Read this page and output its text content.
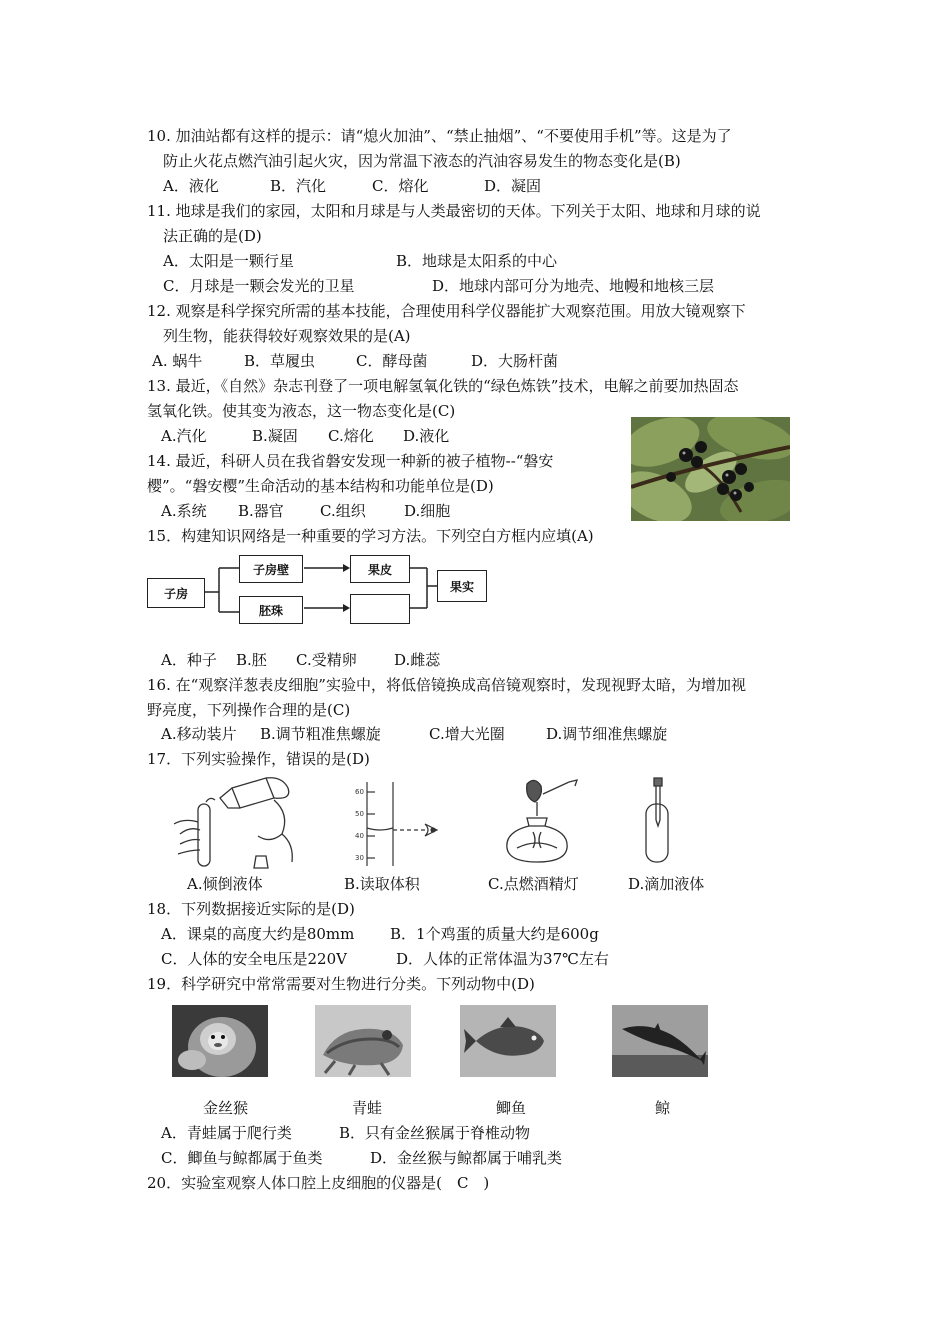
10. 加油站都有这样的提示：请“熄火加油”、“禁止抽烟”、“不要使用手机”等。这是为了
防止火花点燃汽油引起火灾，因为常温下液态的汽油容易发生的物态变化是(B)
A．液化	B．汽化	C．熔化	D．凝固
11. 地球是我们的家园，太阳和月球是与人类最密切的天体。下列关于太阳、地球和月球的说
法正确的是(D)
A．太阳是一颗行星	B．地球是太阳系的中心
C．月球是一颗会发光的卫星	D．地球内部可分为地壳、地幔和地核三层
12. 观察是科学探究所需的基本技能，合理使用科学仪器能扩大观察范围。用放大镜观察下
列生物，能获得较好观察效果的是(A)
A. 蜗牛	B．草履虫	C．酵母菌	D．大肠杆菌
13. 最近，《自然》杂志刊登了一项电解氢氧化铁的“绿色炼铁”技术，电解之前要加热固态
氢氧化铁。使其变为液态，这一物态变化是(C)
A.汽化	B.凝固 C.熔化 D.液化
14. 最近，科研人员在我省磐安发现一种新的被子植物--“磐安
樱”。“磐安樱”生命活动的基本结构和功能单位是(D)
A.系统 B.器官 C.组织	D.细胞
15．构建知识网络是一种重要的学习方法。下列空白方框内应填(A)
子房
子房壁
胚珠
果皮
果实
A．种子 B.胚 C.受精卵 D.雌蕊
16. 在“观察洋葱表皮细胞”实验中，将低倍镜换成高倍镜观察时，发现视野太暗，为增加视
野亮度，下列操作合理的是(C)
A.移动装片 B.调节粗准焦螺旋	C.增大光圈	D.调节细准焦螺旋
17．下列实验操作，错误的是(D)
60
50
40
30
A.倾倒液体	B.读取体积	C.点燃酒精灯	D.滴加液体
18．下列数据接近实际的是(D)
A．课桌的高度大约是80mm B．1个鸡蛋的质量大约是600g
C．人体的安全电压是220V	D．人体的正常体温为37℃左右
19．科学研究中常常需要对生物进行分类。下列动物中(D)
金丝猴	青蛙	鲫鱼	鲸
A．青蛙属于爬行类	B．只有金丝猴属于脊椎动物
C．鲫鱼与鲸都属于鱼类	D．金丝猴与鲸都属于哺乳类
20．实验室观察人体口腔上皮细胞的仪器是(　C　)
